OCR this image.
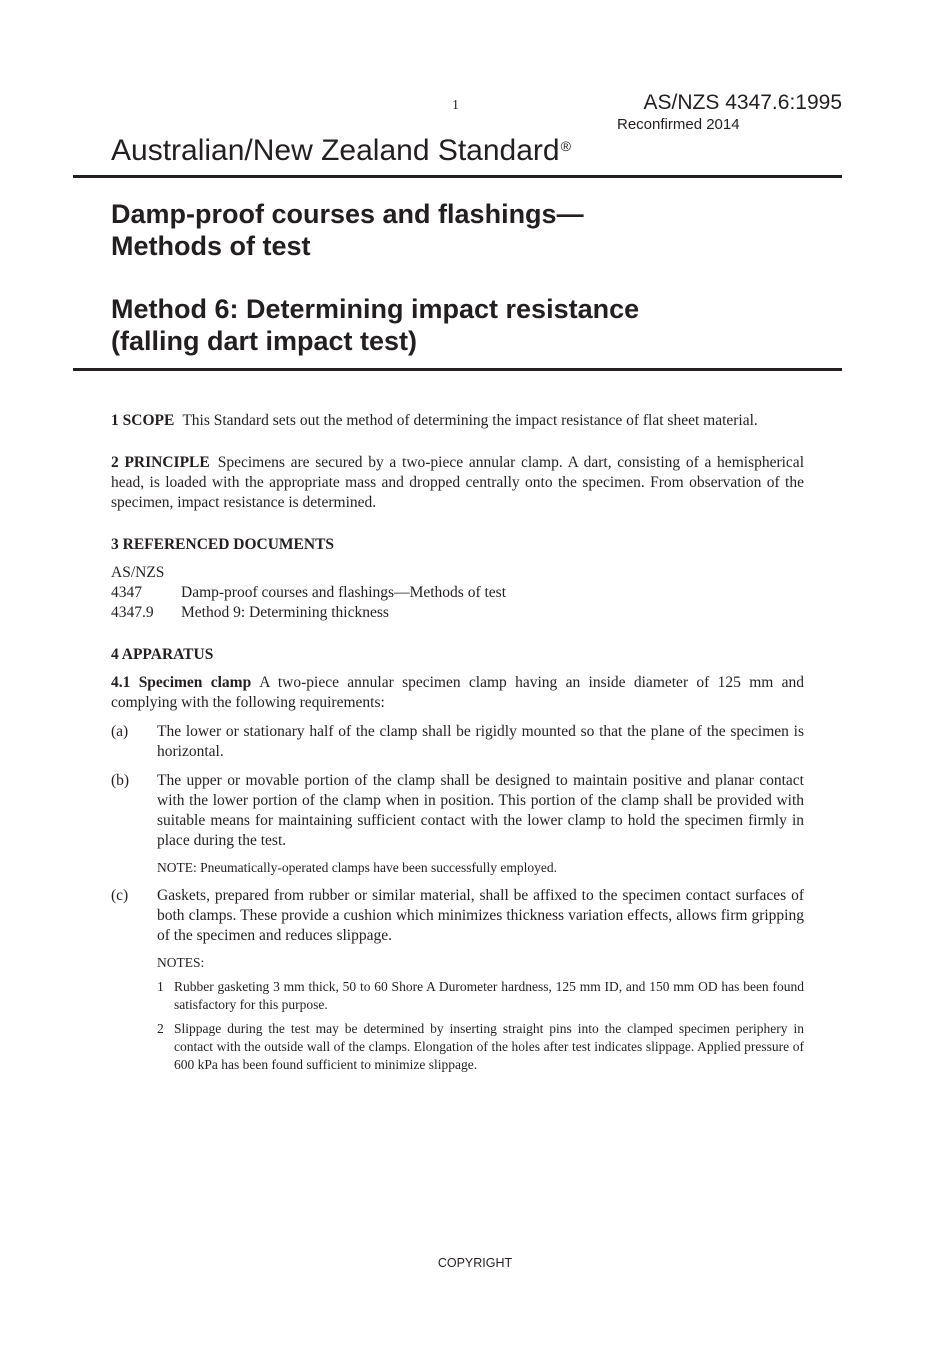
1	AS/NZS 4347.6:1995
Reconfirmed 2014
Australian/New Zealand Standard®
Damp-proof courses and flashings—
Methods of test
Method 6: Determining impact resistance
(falling dart impact test)

1 SCOPE This Standard sets out the method of determining the impact resistance of flat sheet material.

2 PRINCIPLE Specimens are secured by a two-piece annular clamp. A dart, consisting of a hemispherical head, is loaded with the appropriate mass and dropped centrally onto the specimen. From observation of the specimen, impact resistance is determined.

3 REFERENCED DOCUMENTS

AS/NZS
4347	Damp-proof courses and flashings—Methods of test
4347.9	Method 9: Determining thickness

4 APPARATUS

4.1 Specimen clamp A two-piece annular specimen clamp having an inside diameter of 125 mm and complying with the following requirements:

(a)	The lower or stationary half of the clamp shall be rigidly mounted so that the plane of the specimen is horizontal.
(b)	The upper or movable portion of the clamp shall be designed to maintain positive and planar contact with the lower portion of the clamp when in position. This portion of the clamp shall be provided with suitable means for maintaining sufficient contact with the lower clamp to hold the specimen firmly in place during the test.
NOTE: Pneumatically-operated clamps have been successfully employed.
(c)	Gaskets, prepared from rubber or similar material, shall be affixed to the specimen contact surfaces of both clamps. These provide a cushion which minimizes thickness variation effects, allows firm gripping of the specimen and reduces slippage.
NOTES:
1 Rubber gasketing 3 mm thick, 50 to 60 Shore A Durometer hardness, 125 mm ID, and 150 mm OD has been found satisfactory for this purpose.
2 Slippage during the test may be determined by inserting straight pins into the clamped specimen periphery in contact with the outside wall of the clamps. Elongation of the holes after test indicates slippage. Applied pressure of 600 kPa has been found sufficient to minimize slippage.
COPYRIGHT
